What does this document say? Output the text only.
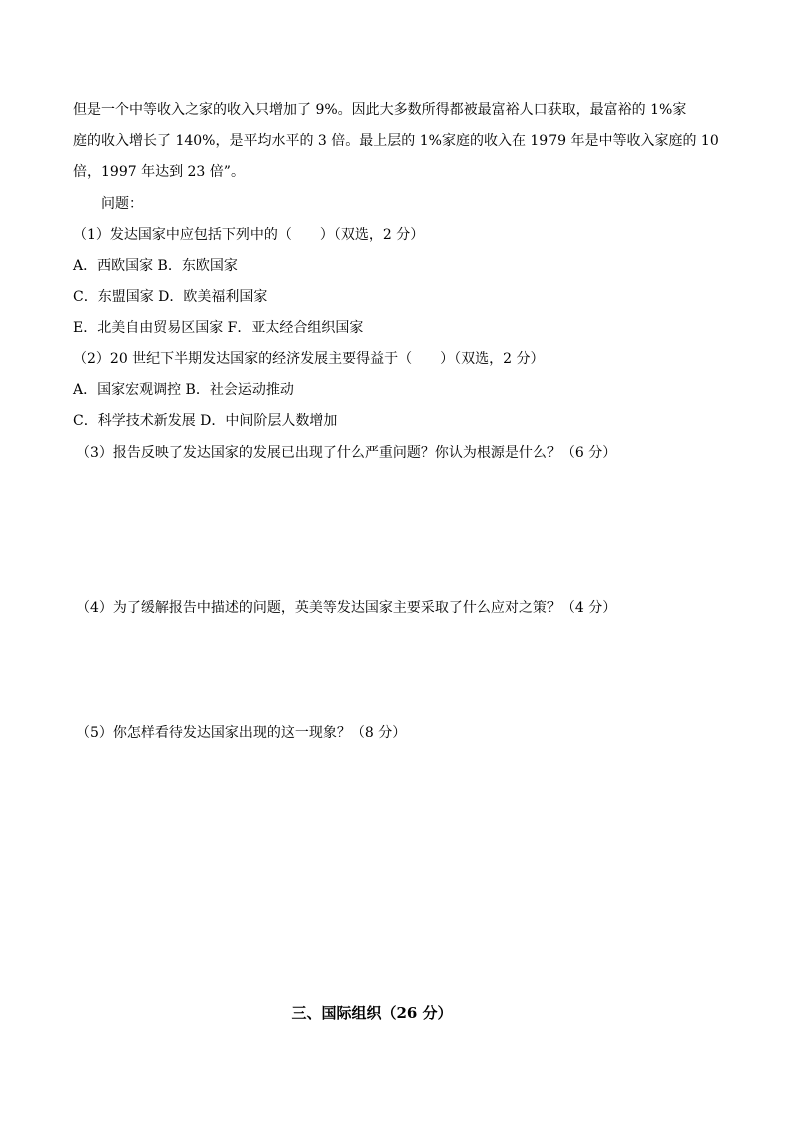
但是一个中等收入之家的收入只增加了 9%。因此大多数所得都被最富裕人口获取，最富裕的 1%家
庭的收入增长了 140%，是平均水平的 3 倍。最上层的 1%家庭的收入在 1979 年是中等收入家庭的 10
倍，1997 年达到 23 倍”。
问题：
（1）发达国家中应包括下列中的（　　）（双选，2 分）
A．西欧国家 B．东欧国家
C．东盟国家 D．欧美福利国家
E．北美自由贸易区国家 F．亚太经合组织国家
（2）20 世纪下半期发达国家的经济发展主要得益于（　　）（双选，2 分）
A．国家宏观调控 B．社会运动推动
C．科学技术新发展 D．中间阶层人数增加
（3）报告反映了发达国家的发展已出现了什么严重问题？你认为根源是什么？（6 分）
（4）为了缓解报告中描述的问题，英美等发达国家主要采取了什么应对之策？（4 分）
（5）你怎样看待发达国家出现的这一现象？（8 分）
三、国际组织（26 分）
